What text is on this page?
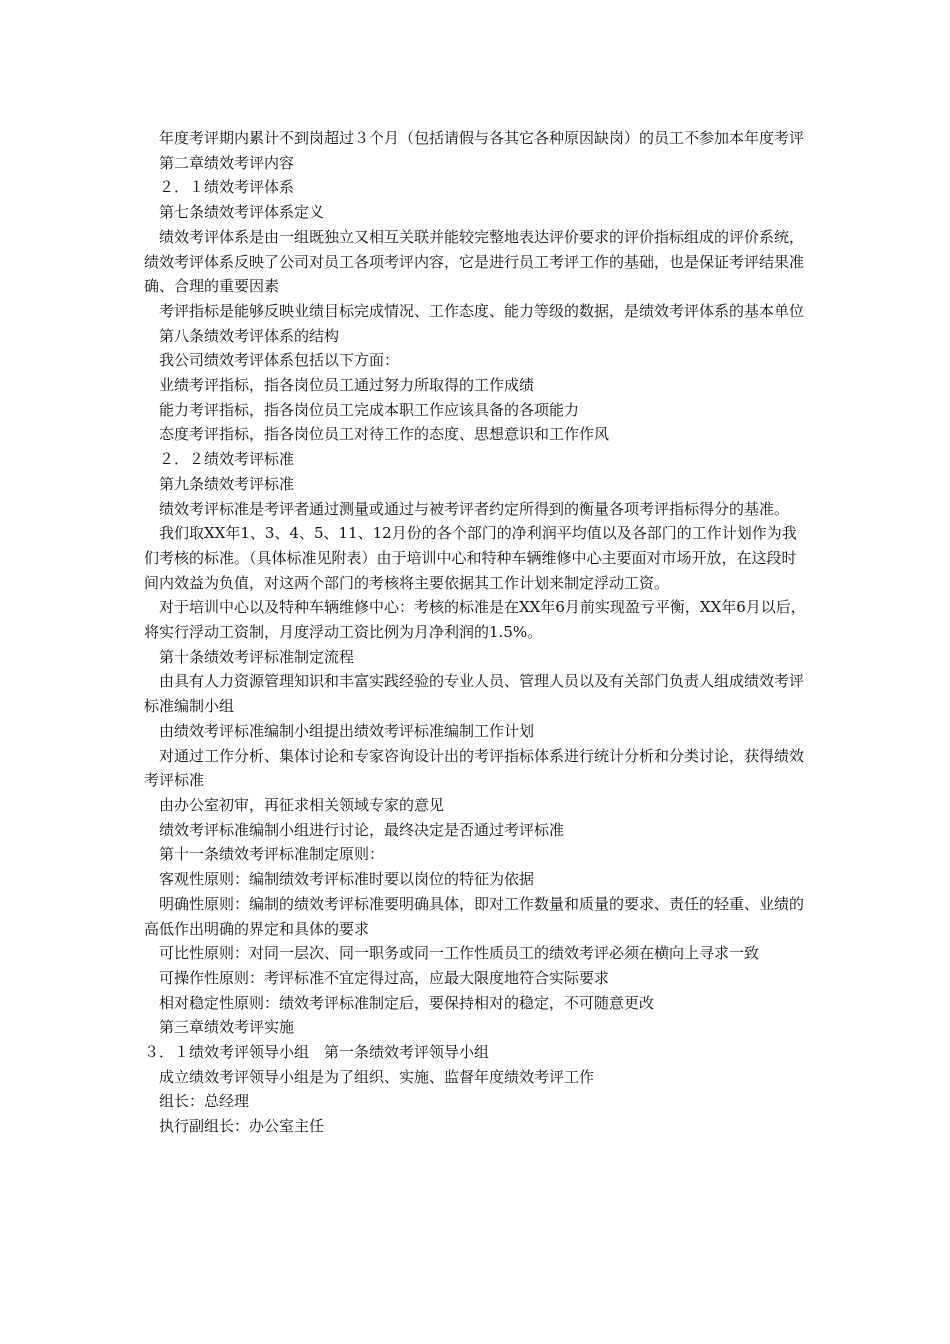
年度考评期内累计不到岗超过３个月（包括请假与各其它各种原因缺岗）的员工不参加本年度考评

第二章绩效考评内容

２．１绩效考评体系

第七条绩效考评体系定义

绩效考评体系是由一组既独立又相互关联并能较完整地表达评价要求的评价指标组成的评价系统，绩效考评体系反映了公司对员工各项考评内容，它是进行员工考评工作的基础，也是保证考评结果准确、合理的重要因素

考评指标是能够反映业绩目标完成情况、工作态度、能力等级的数据，是绩效考评体系的基本单位

第八条绩效考评体系的结构

我公司绩效考评体系包括以下方面：

业绩考评指标，指各岗位员工通过努力所取得的工作成绩

能力考评指标，指各岗位员工完成本职工作应该具备的各项能力

态度考评指标，指各岗位员工对待工作的态度、思想意识和工作作风

２．２绩效考评标准

第九条绩效考评标准

绩效考评标准是考评者通过测量或通过与被考评者约定所得到的衡量各项考评指标得分的基准。

我们取XX年1、3、4、5、11、12月份的各个部门的净利润平均值以及各部门的工作计划作为我们考核的标准。（具体标准见附表）由于培训中心和特种车辆维修中心主要面对市场开放，在这段时间内效益为负值，对这两个部门的考核将主要依据其工作计划来制定浮动工资。

对于培训中心以及特种车辆维修中心：考核的标准是在XX年6月前实现盈亏平衡，XX年6月以后，将实行浮动工资制，月度浮动工资比例为月净利润的1.5%。

第十条绩效考评标准制定流程

由具有人力资源管理知识和丰富实践经验的专业人员、管理人员以及有关部门负责人组成绩效考评标准编制小组

由绩效考评标准编制小组提出绩效考评标准编制工作计划

对通过工作分析、集体讨论和专家咨询设计出的考评指标体系进行统计分析和分类讨论，获得绩效考评标准

由办公室初审，再征求相关领域专家的意见

绩效考评标准编制小组进行讨论，最终决定是否通过考评标准

第十一条绩效考评标准制定原则：

客观性原则：编制绩效考评标准时要以岗位的特征为依据

明确性原则：编制的绩效考评标准要明确具体，即对工作数量和质量的要求、责任的轻重、业绩的高低作出明确的界定和具体的要求

可比性原则：对同一层次、同一职务或同一工作性质员工的绩效考评必须在横向上寻求一致

可操作性原则：考评标准不宜定得过高，应最大限度地符合实际要求

相对稳定性原则：绩效考评标准制定后，要保持相对的稳定，不可随意更改

第三章绩效考评实施

３．１绩效考评领导小组　第一条绩效考评领导小组

成立绩效考评领导小组是为了组织、实施、监督年度绩效考评工作

组长：总经理

执行副组长：办公室主任
